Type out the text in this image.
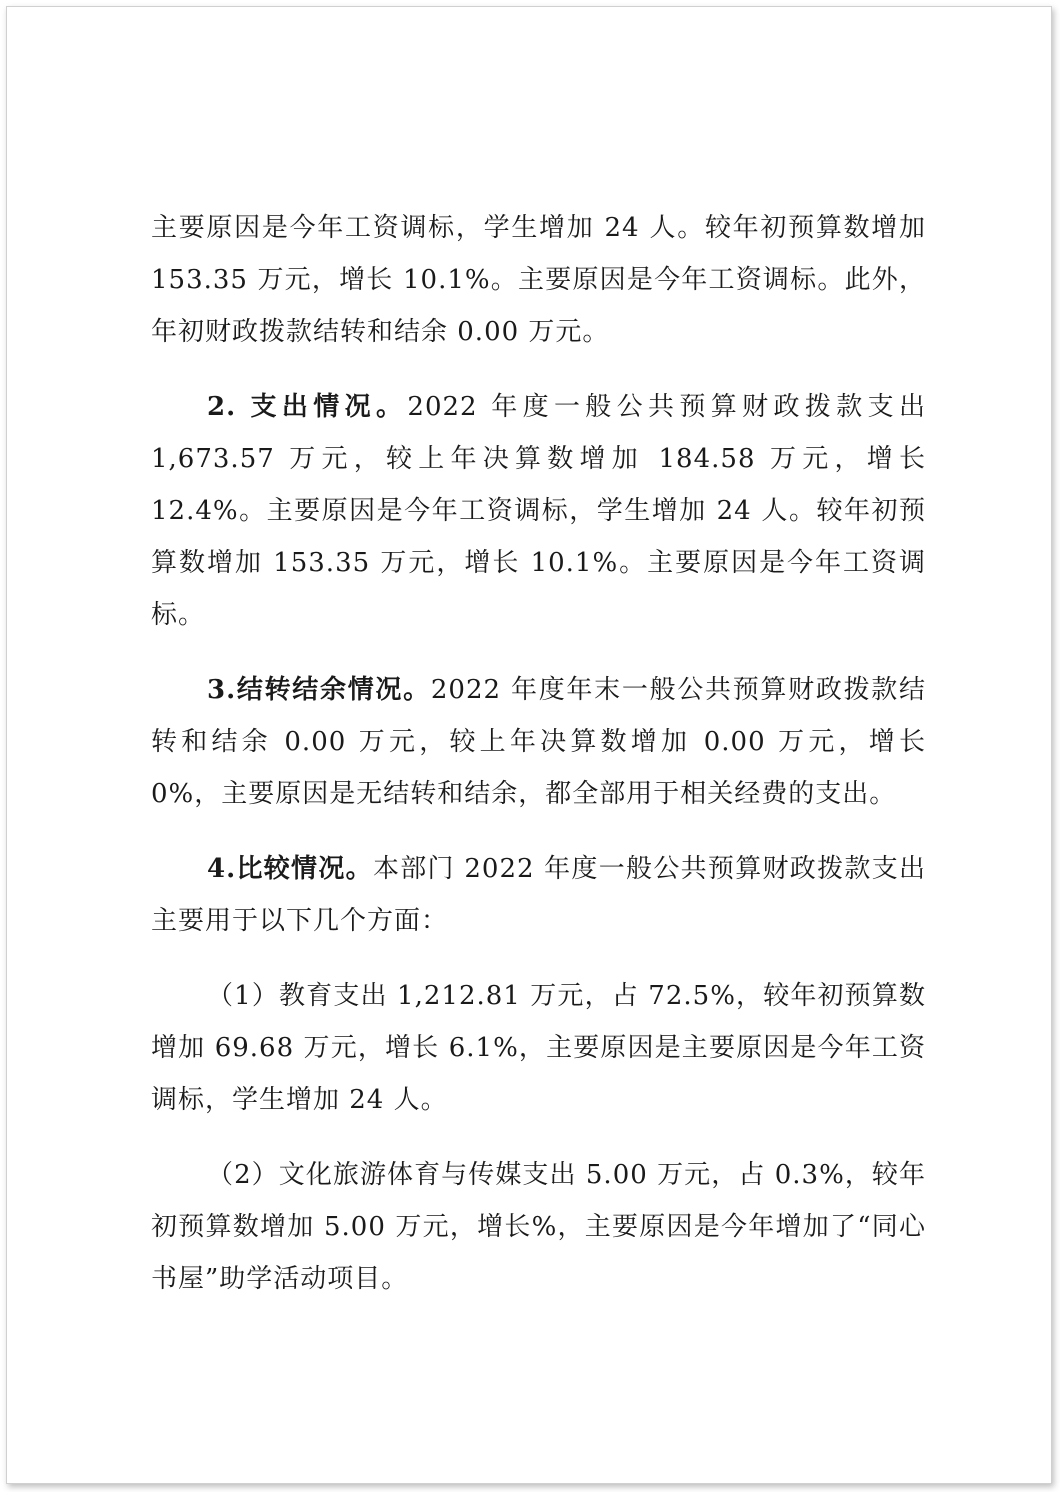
主要原因是今年工资调标，学生增加 24 人。较年初预算数增加 153.35 万元，增长 10.1%。主要原因是今年工资调标。此外，年初财政拨款结转和结余 0.00 万元。

2. 支出情况。2022 年度一般公共预算财政拨款支出 1,673.57 万元，较上年决算数增加 184.58 万元，增长 12.4%。主要原因是今年工资调标，学生增加 24 人。较年初预算数增加 153.35 万元，增长 10.1%。主要原因是今年工资调标。

3.结转结余情况。2022 年度年末一般公共预算财政拨款结转和结余 0.00 万元，较上年决算数增加 0.00 万元，增长 0%，主要原因是无结转和结余，都全部用于相关经费的支出。

4.比较情况。本部门 2022 年度一般公共预算财政拨款支出主要用于以下几个方面：

（1）教育支出 1,212.81 万元，占 72.5%，较年初预算数增加 69.68 万元，增长 6.1%，主要原因是主要原因是今年工资调标，学生增加 24 人。

（2）文化旅游体育与传媒支出 5.00 万元，占 0.3%，较年初预算数增加 5.00 万元，增长%，主要原因是今年增加了“同心书屋”助学活动项目。
